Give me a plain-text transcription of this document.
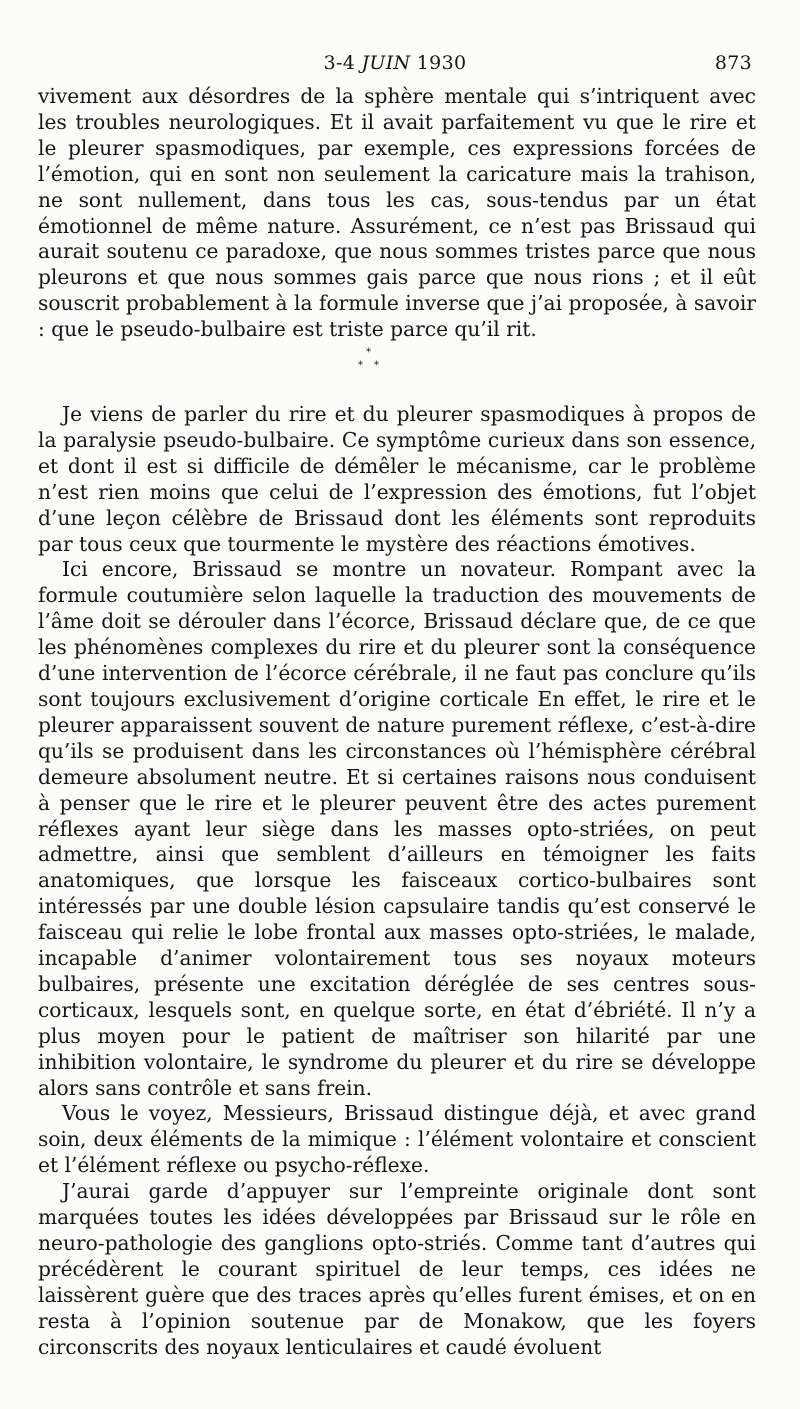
3-4 JUIN 1930	873

vivement aux désordres de la sphère mentale qui s’intriquent avec les troubles neurologiques. Et il avait parfaitement vu que le rire et le pleurer spasmodiques, par exemple, ces expressions forcées de l’émotion, qui en sont non seulement la caricature mais la trahison, ne sont nullement, dans tous les cas, sous-tendus par un état émotionnel de même nature. Assurément, ce n’est pas Brissaud qui aurait soutenu ce paradoxe, que nous sommes tristes parce que nous pleurons et que nous sommes gais parce que nous rions ; et il eût souscrit probablement à la formule inverse que j’ai proposée, à savoir : que le pseudo-bulbaire est triste parce qu’il rit.

*
* *

Je viens de parler du rire et du pleurer spasmodiques à propos de la paralysie pseudo-bulbaire. Ce symptôme curieux dans son essence, et dont il est si difficile de démêler le mécanisme, car le problème n’est rien moins que celui de l’expression des émotions, fut l’objet d’une leçon célèbre de Brissaud dont les éléments sont reproduits par tous ceux que tourmente le mystère des réactions émotives.

Ici encore, Brissaud se montre un novateur. Rompant avec la formule coutumière selon laquelle la traduction des mouvements de l’âme doit se dérouler dans l’écorce, Brissaud déclare que, de ce que les phénomènes complexes du rire et du pleurer sont la conséquence d’une intervention de l’écorce cérébrale, il ne faut pas conclure qu’ils sont toujours exclusivement d’origine corticale En effet, le rire et le pleurer apparaissent souvent de nature purement réflexe, c’est-à-dire qu’ils se produisent dans les circonstances où l’hémisphère cérébral demeure absolument neutre. Et si certaines raisons nous conduisent à penser que le rire et le pleurer peuvent être des actes purement réflexes ayant leur siège dans les masses opto-striées, on peut admettre, ainsi que semblent d’ailleurs en témoigner les faits anatomiques, que lorsque les faisceaux cortico-bulbaires sont intéressés par une double lésion capsulaire tandis qu’est conservé le faisceau qui relie le lobe frontal aux masses opto-striées, le malade, incapable d’animer volontairement tous ses noyaux moteurs bulbaires, présente une excitation déréglée de ses centres sous-corticaux, lesquels sont, en quelque sorte, en état d’ébriété. Il n’y a plus moyen pour le patient de maîtriser son hilarité par une inhibition volontaire, le syndrome du pleurer et du rire se développe alors sans contrôle et sans frein.

Vous le voyez, Messieurs, Brissaud distingue déjà, et avec grand soin, deux éléments de la mimique : l’élément volontaire et conscient et l’élément réflexe ou psycho-réflexe.

J’aurai garde d’appuyer sur l’empreinte originale dont sont marquées toutes les idées développées par Brissaud sur le rôle en neuro-pathologie des ganglions opto-striés. Comme tant d’autres qui précédèrent le courant spirituel de leur temps, ces idées ne laissèrent guère que des traces après qu’elles furent émises, et on en resta à l’opinion soutenue par de Monakow, que les foyers circonscrits des noyaux lenticulaires et caudé évoluent
